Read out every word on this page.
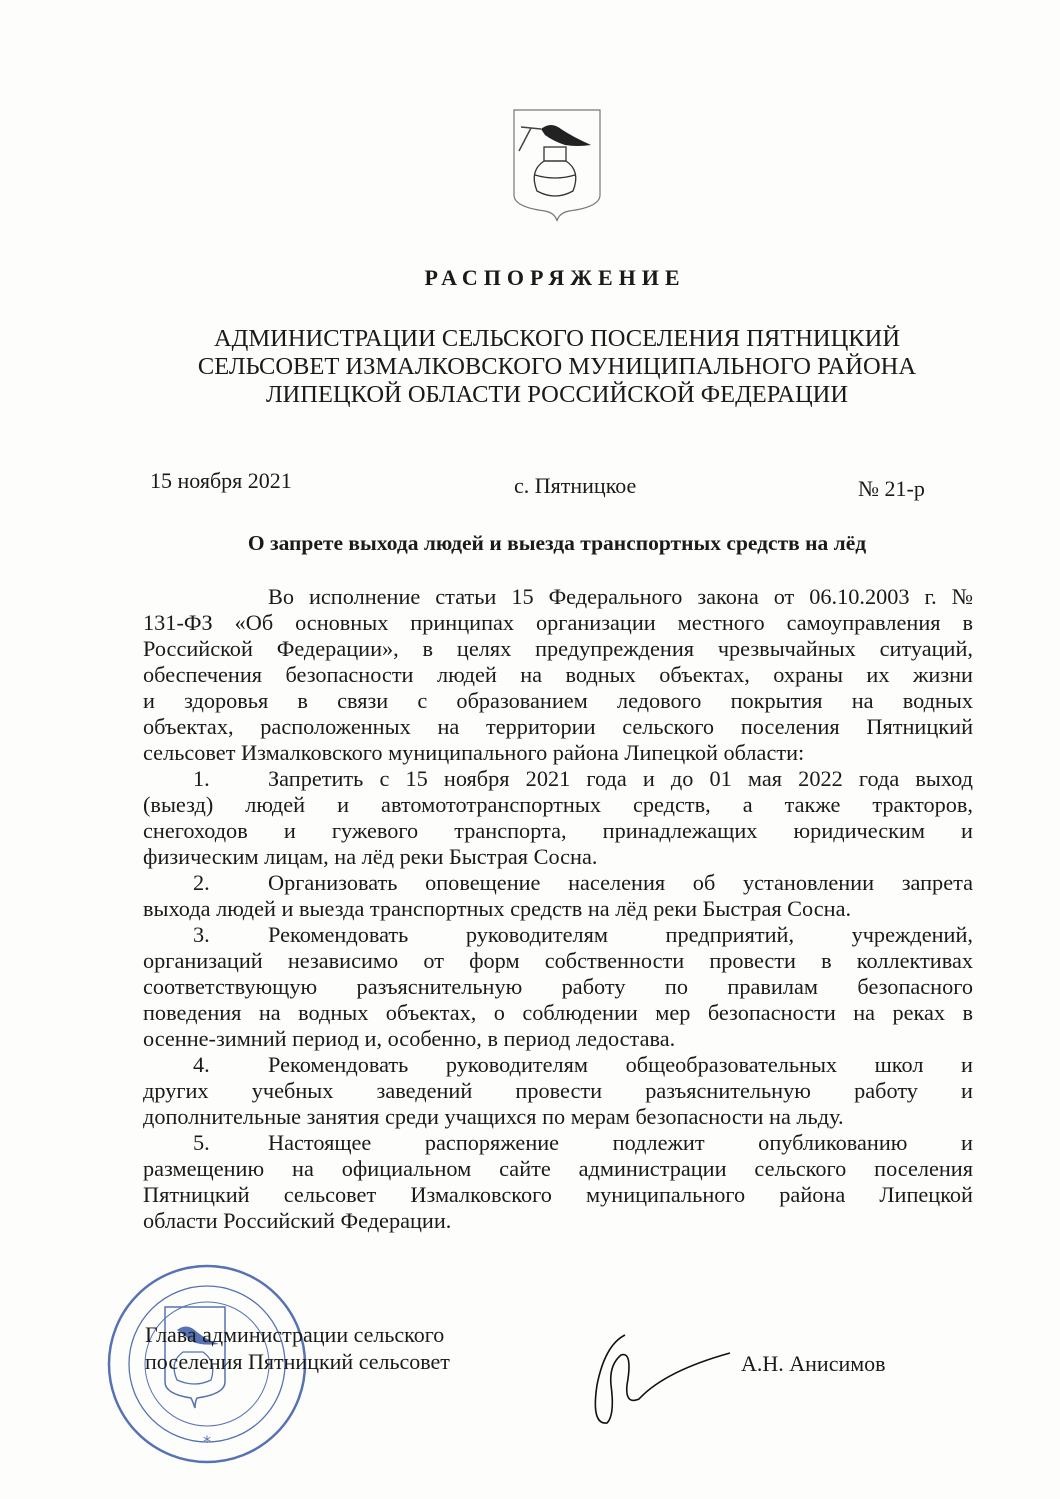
РАСПОРЯЖЕНИЕ
АДМИНИСТРАЦИИ СЕЛЬСКОГО ПОСЕЛЕНИЯ ПЯТНИЦКИЙ
СЕЛЬСОВЕТ ИЗМАЛКОВСКОГО МУНИЦИПАЛЬНОГО РАЙОНА
ЛИПЕЦКОЙ ОБЛАСТИ РОССИЙСКОЙ ФЕДЕРАЦИИ
15 ноября 2021	с. Пятницкое	№ 21-р
О запрете выхода людей и выезда транспортных средств на лёд
Во исполнение статьи 15 Федерального закона от 06.10.2003 г. №
131-ФЗ «Об основных принципах организации местного самоуправления в
Российской Федерации», в целях предупреждения чрезвычайных ситуаций,
обеспечения безопасности людей на водных объектах, охраны их жизни
и здоровья в связи с образованием ледового покрытия на водных
объектах, расположенных на территории сельского поселения Пятницкий
сельсовет Измалковского муниципального района Липецкой области:
1.	Запретить с 15 ноября 2021 года и до 01 мая 2022 года выход
(выезд) людей и автомототранспортных средств, а также тракторов,
снегоходов и гужевого транспорта, принадлежащих юридическим и
физическим лицам, на лёд реки Быстрая Сосна.
2.	Организовать оповещение населения об установлении запрета
выхода людей и выезда транспортных средств на лёд реки Быстрая Сосна.
3.	Рекомендовать руководителям предприятий, учреждений,
организаций независимо от форм собственности провести в коллективах
соответствующую разъяснительную работу по правилам безопасного
поведения на водных объектах, о соблюдении мер безопасности на реках в
осенне-зимний период и, особенно, в период ледостава.
4.	Рекомендовать руководителям общеобразовательных школ и
других учебных заведений провести разъяснительную работу и
дополнительные занятия среди учащихся по мерам безопасности на льду.
5.	Настоящее распоряжение подлежит опубликованию и
размещению на официальном сайте администрации сельского поселения
Пятницкий сельсовет Измалковского муниципального района Липецкой
области Российский Федерации.
*
Глава администрации сельского
поселения Пятницкий сельсовет	А.Н. Анисимов
